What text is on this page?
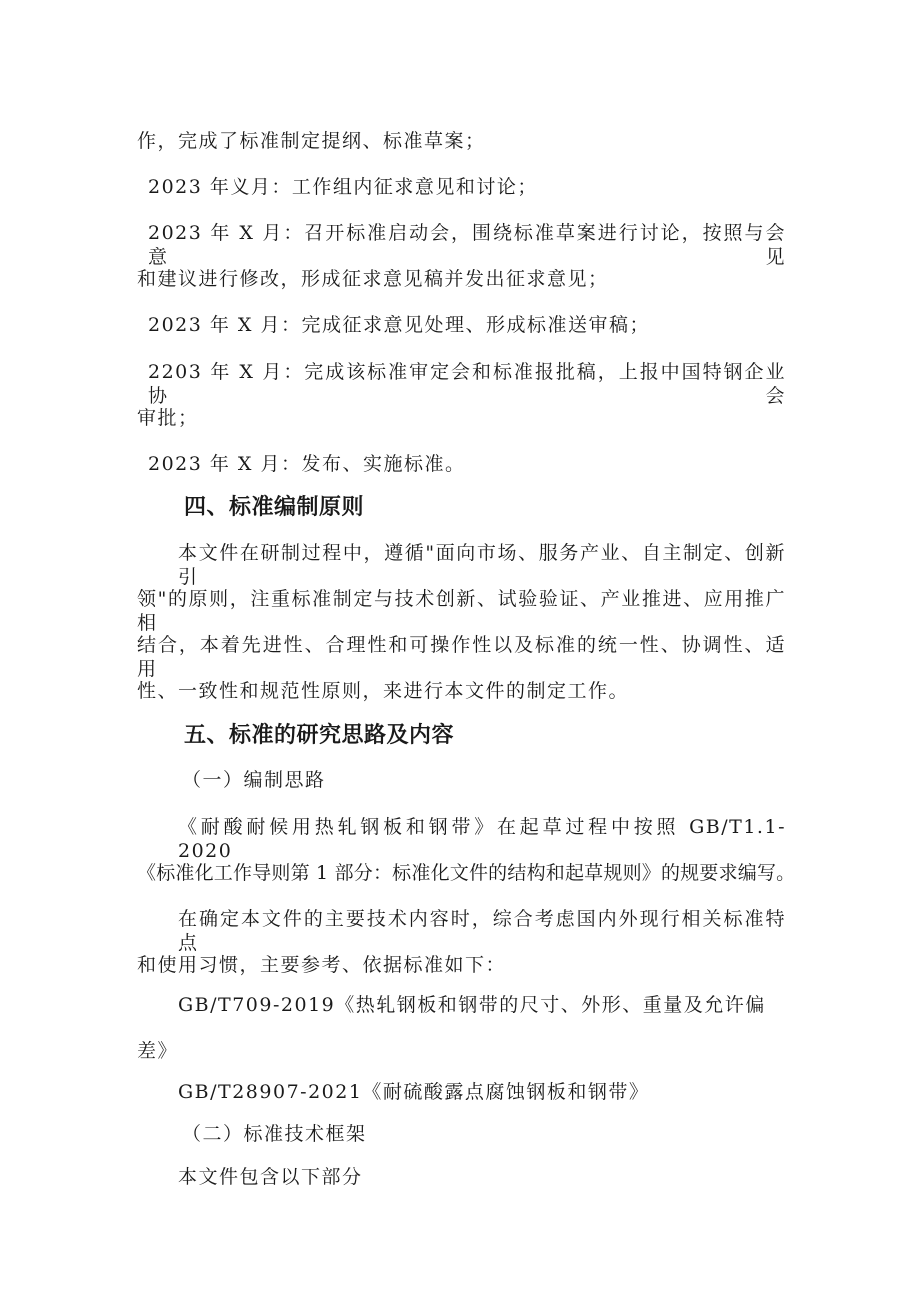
作，完成了标准制定提纲、标准草案；
2023 年义月：工作组内征求意见和讨论；
2023 年 X 月：召开标准启动会，围绕标准草案进行讨论，按照与会意见
和建议进行修改，形成征求意见稿并发出征求意见；
2023 年 X 月：完成征求意见处理、形成标准送审稿；
2203 年 X 月：完成该标准审定会和标准报批稿，上报中国特钢企业协会
审批；
2023 年 X 月：发布、实施标准。
四、标准编制原则
本文件在研制过程中，遵循"面向市场、服务产业、自主制定、创新引
领"的原则，注重标准制定与技术创新、试验验证、产业推进、应用推广相
结合，本着先进性、合理性和可操作性以及标准的统一性、协调性、适用
性、一致性和规范性原则，来进行本文件的制定工作。
五、标准的研究思路及内容
（一）编制思路
《耐酸耐候用热轧钢板和钢带》在起草过程中按照 GB/T1.1-2020
《标准化工作导则第 1 部分：标准化文件的结构和起草规则》的规要求编写。
在确定本文件的主要技术内容时，综合考虑国内外现行相关标准特点
和使用习惯，主要参考、依据标准如下：
GB/T709-2019《热轧钢板和钢带的尺寸、外形、重量及允许偏
差》
GB/T28907-2021《耐硫酸露点腐蚀钢板和钢带》
（二）标准技术框架
本文件包含以下部分
